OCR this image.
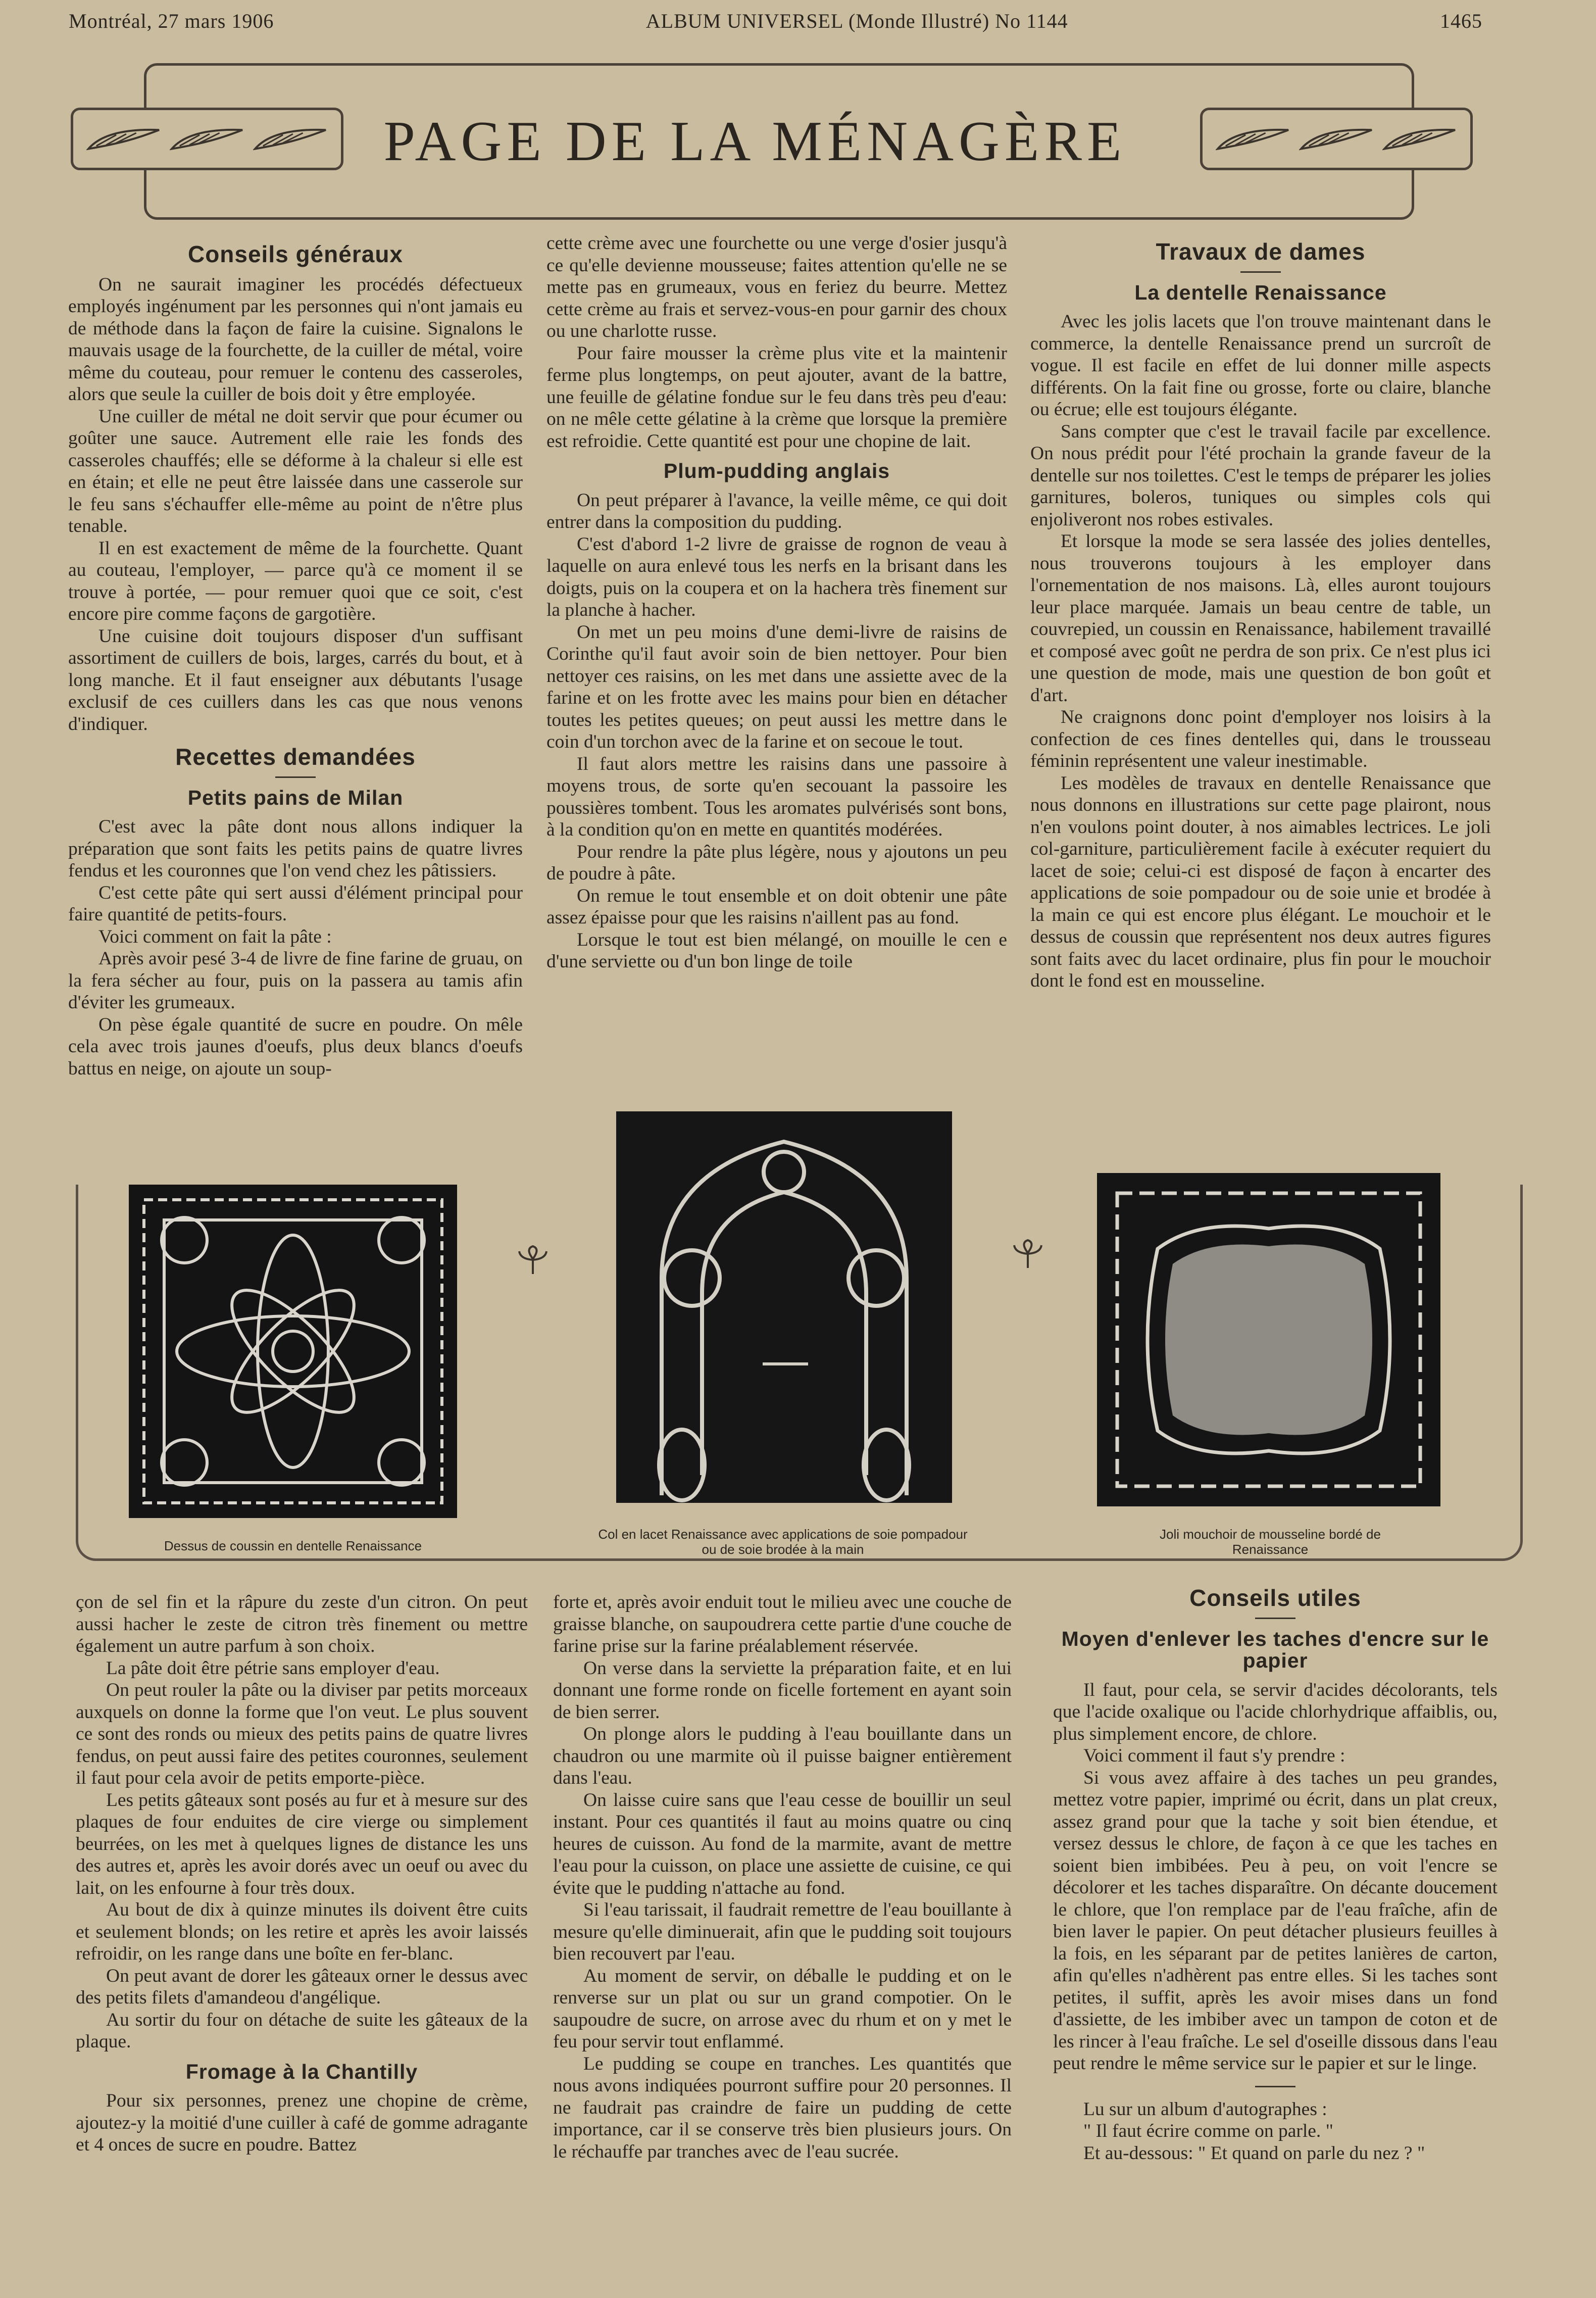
Montréal, 27 mars 1906	ALBUM UNIVERSEL (Monde Illustré) No 1144	1465
PAGE DE LA MÉNAGÈRE
Conseils généraux

On ne saurait imaginer les procédés défectueux employés ingénument par les personnes qui n'ont jamais eu de méthode dans la façon de faire la cuisine. Signalons le mauvais usage de la fourchette, de la cuiller de métal, voire même du couteau, pour remuer le contenu des casseroles, alors que seule la cuiller de bois doit y être employée.

Une cuiller de métal ne doit servir que pour écumer ou goûter une sauce. Autrement elle raie les fonds des casseroles chauffés; elle se déforme à la chaleur si elle est en étain; et elle ne peut être laissée dans une casserole sur le feu sans s'échauffer elle-même au point de n'être plus tenable.

Il en est exactement de même de la fourchette. Quant au couteau, l'employer, — parce qu'à ce moment il se trouve à portée, — pour remuer quoi que ce soit, c'est encore pire comme façons de gargotière.

Une cuisine doit toujours disposer d'un suffisant assortiment de cuillers de bois, larges, carrés du bout, et à long manche. Et il faut enseigner aux débutants l'usage exclusif de ces cuillers dans les cas que nous venons d'indiquer.

Recettes demandées
Petits pains de Milan

C'est avec la pâte dont nous allons indiquer la préparation que sont faits les petits pains de quatre livres fendus et les couronnes que l'on vend chez les pâtissiers.

C'est cette pâte qui sert aussi d'élément principal pour faire quantité de petits-fours.

Voici comment on fait la pâte :

Après avoir pesé 3-4 de livre de fine farine de gruau, on la fera sécher au four, puis on la passera au tamis afin d'éviter les grumeaux.

On pèse égale quantité de sucre en poudre. On mêle cela avec trois jaunes d'oeufs, plus deux blancs d'oeufs battus en neige, on ajoute un soup-

cette crème avec une fourchette ou une verge d'osier jusqu'à ce qu'elle devienne mousseuse; faites attention qu'elle ne se mette pas en grumeaux, vous en feriez du beurre. Mettez cette crème au frais et servez-vous-en pour garnir des choux ou une charlotte russe.

Pour faire mousser la crème plus vite et la maintenir ferme plus longtemps, on peut ajouter, avant de la battre, une feuille de gélatine fondue sur le feu dans très peu d'eau: on ne mêle cette gélatine à la crème que lorsque la première est refroidie. Cette quantité est pour une chopine de lait.

Plum-pudding anglais

On peut préparer à l'avance, la veille même, ce qui doit entrer dans la composition du pudding.

C'est d'abord 1-2 livre de graisse de rognon de veau à laquelle on aura enlevé tous les nerfs en la brisant dans les doigts, puis on la coupera et on la hachera très finement sur la planche à hacher.

On met un peu moins d'une demi-livre de raisins de Corinthe qu'il faut avoir soin de bien nettoyer. Pour bien nettoyer ces raisins, on les met dans une assiette avec de la farine et on les frotte avec les mains pour bien en détacher toutes les petites queues; on peut aussi les mettre dans le coin d'un torchon avec de la farine et on secoue le tout.

Il faut alors mettre les raisins dans une passoire à moyens trous, de sorte qu'en secouant la passoire les poussières tombent. Tous les aromates pulvérisés sont bons, à la condition qu'on en mette en quantités modérées.

Pour rendre la pâte plus légère, nous y ajoutons un peu de poudre à pâte.

On remue le tout ensemble et on doit obtenir une pâte assez épaisse pour que les raisins n'aillent pas au fond.

Lorsque le tout est bien mélangé, on mouille le cen e d'une serviette ou d'un bon linge de toile

Travaux de dames
La dentelle Renaissance

Avec les jolis lacets que l'on trouve maintenant dans le commerce, la dentelle Renaissance prend un surcroît de vogue. Il est facile en effet de lui donner mille aspects différents. On la fait fine ou grosse, forte ou claire, blanche ou écrue; elle est toujours élégante.

Sans compter que c'est le travail facile par excellence. On nous prédit pour l'été prochain la grande faveur de la dentelle sur nos toilettes. C'est le temps de préparer les jolies garnitures, boleros, tuniques ou simples cols qui enjoliveront nos robes estivales.

Et lorsque la mode se sera lassée des jolies dentelles, nous trouverons toujours à les employer dans l'ornementation de nos maisons. Là, elles auront toujours leur place marquée. Jamais un beau centre de table, un couvrepied, un coussin en Renaissance, habilement travaillé et composé avec goût ne perdra de son prix. Ce n'est plus ici une question de mode, mais une question de bon goût et d'art.

Ne craignons donc point d'employer nos loisirs à la confection de ces fines dentelles qui, dans le trousseau féminin représentent une valeur inestimable.

Les modèles de travaux en dentelle Renaissance que nous donnons en illustrations sur cette page plairont, nous n'en voulons point douter, à nos aimables lectrices. Le joli col-garniture, particulièrement facile à exécuter requiert du lacet de soie; celui-ci est disposé de façon à encarter des applications de soie pompadour ou de soie unie et brodée à la main ce qui est encore plus élégant. Le mouchoir et le dessus de coussin que représentent nos deux autres figures sont faits avec du lacet ordinaire, plus fin pour le mouchoir dont le fond est en mousseline.

Dessus de coussin en dentelle Renaissance
Col en lacet Renaissance avec applications de soie pompadour ou de soie brodée à la main
Joli mouchoir de mousseline bordé de Renaissance

çon de sel fin et la râpure du zeste d'un citron. On peut aussi hacher le zeste de citron très finement ou mettre également un autre parfum à son choix.

La pâte doit être pétrie sans employer d'eau.

On peut rouler la pâte ou la diviser par petits morceaux auxquels on donne la forme que l'on veut. Le plus souvent ce sont des ronds ou mieux des petits pains de quatre livres fendus, on peut aussi faire des petites couronnes, seulement il faut pour cela avoir de petits emporte-pièce.

Les petits gâteaux sont posés au fur et à mesure sur des plaques de four enduites de cire vierge ou simplement beurrées, on les met à quelques lignes de distance les uns des autres et, après les avoir dorés avec un oeuf ou avec du lait, on les enfourne à four très doux.

Au bout de dix à quinze minutes ils doivent être cuits et seulement blonds; on les retire et après les avoir laissés refroidir, on les range dans une boîte en fer-blanc.

On peut avant de dorer les gâteaux orner le dessus avec des petits filets d'amandeou d'angélique.

Au sortir du four on détache de suite les gâteaux de la plaque.

Fromage à la Chantilly

Pour six personnes, prenez une chopine de crème, ajoutez-y la moitié d'une cuiller à café de gomme adragante et 4 onces de sucre en poudre. Battez

forte et, après avoir enduit tout le milieu avec une couche de graisse blanche, on saupoudrera cette partie d'une couche de farine prise sur la farine préalablement réservée.

On verse dans la serviette la préparation faite, et en lui donnant une forme ronde on ficelle fortement en ayant soin de bien serrer.

On plonge alors le pudding à l'eau bouillante dans un chaudron ou une marmite où il puisse baigner entièrement dans l'eau.

On laisse cuire sans que l'eau cesse de bouillir un seul instant. Pour ces quantités il faut au moins quatre ou cinq heures de cuisson. Au fond de la marmite, avant de mettre l'eau pour la cuisson, on place une assiette de cuisine, ce qui évite que le pudding n'attache au fond.

Si l'eau tarissait, il faudrait remettre de l'eau bouillante à mesure qu'elle diminuerait, afin que le pudding soit toujours bien recouvert par l'eau.

Au moment de servir, on déballe le pudding et on le renverse sur un plat ou sur un grand compotier. On le saupoudre de sucre, on arrose avec du rhum et on y met le feu pour servir tout enflammé.

Le pudding se coupe en tranches. Les quantités que nous avons indiquées pourront suffire pour 20 personnes. Il ne faudrait pas craindre de faire un pudding de cette importance, car il se conserve très bien plusieurs jours. On le réchauffe par tranches avec de l'eau sucrée.

Conseils utiles
Moyen d'enlever les taches d'encre sur le papier

Il faut, pour cela, se servir d'acides décolorants, tels que l'acide oxalique ou l'acide chlorhydrique affaiblis, ou, plus simplement encore, de chlore.

Voici comment il faut s'y prendre :

Si vous avez affaire à des taches un peu grandes, mettez votre papier, imprimé ou écrit, dans un plat creux, assez grand pour que la tache y soit bien étendue, et versez dessus le chlore, de façon à ce que les taches en soient bien imbibées. Peu à peu, on voit l'encre se décolorer et les taches disparaître. On décante doucement le chlore, que l'on remplace par de l'eau fraîche, afin de bien laver le papier. On peut détacher plusieurs feuilles à la fois, en les séparant par de petites lanières de carton, afin qu'elles n'adhèrent pas entre elles. Si les taches sont petites, il suffit, après les avoir mises dans un fond d'assiette, de les imbiber avec un tampon de coton et de les rincer à l'eau fraîche. Le sel d'oseille dissous dans l'eau peut rendre le même service sur le papier et sur le linge.

Lu sur un album d'autographes :

" Il faut écrire comme on parle. "

Et au-dessous: " Et quand on parle du nez ? "
